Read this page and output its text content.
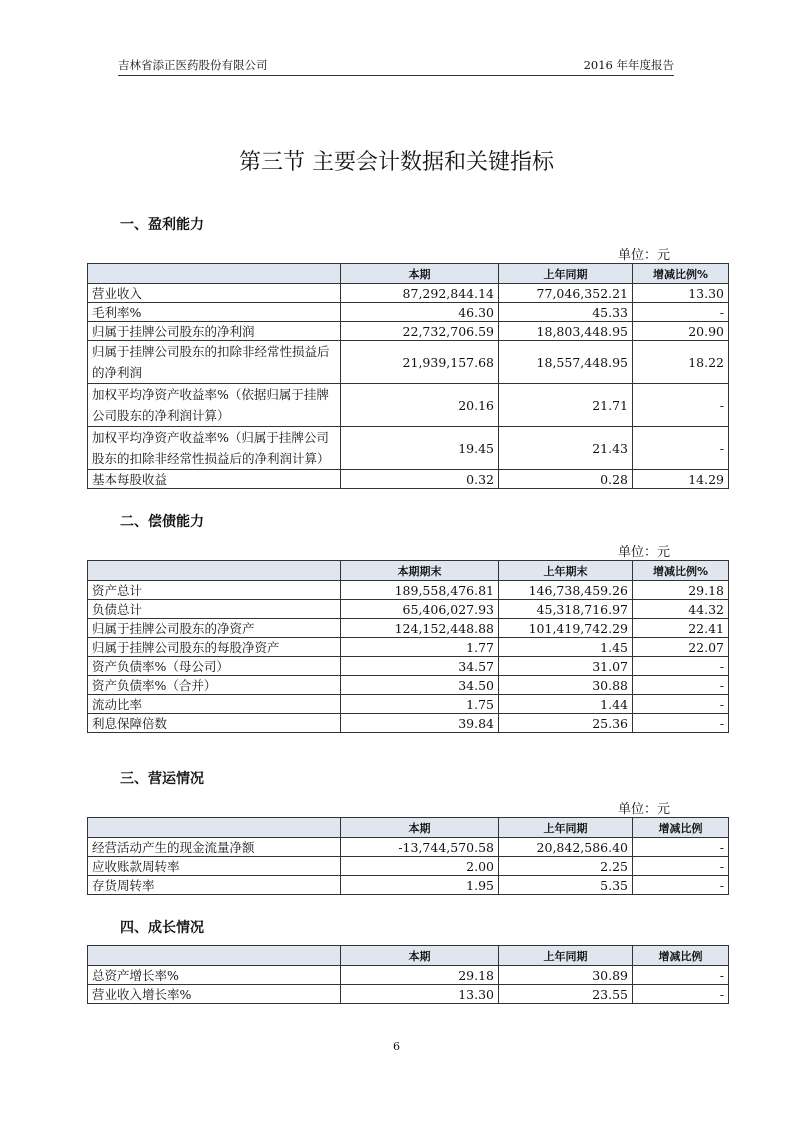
吉林省添正医药股份有限公司	2016 年年度报告
第三节 主要会计数据和关键指标
一、盈利能力
单位：元
	本期	上年同期	增减比例%
营业收入	87,292,844.14	77,046,352.21	13.30
毛利率%	46.30	45.33	-
归属于挂牌公司股东的净利润	22,732,706.59	18,803,448.95	20.90
归属于挂牌公司股东的扣除非经常性损益后的净利润	21,939,157.68	18,557,448.95	18.22
加权平均净资产收益率%（依据归属于挂牌公司股东的净利润计算）	20.16	21.71	-
加权平均净资产收益率%（归属于挂牌公司股东的扣除非经常性损益后的净利润计算）	19.45	21.43	-
基本每股收益	0.32	0.28	14.29
二、偿债能力
单位：元
	本期期末	上年期末	增减比例%
资产总计	189,558,476.81	146,738,459.26	29.18
负债总计	65,406,027.93	45,318,716.97	44.32
归属于挂牌公司股东的净资产	124,152,448.88	101,419,742.29	22.41
归属于挂牌公司股东的每股净资产	1.77	1.45	22.07
资产负债率%（母公司）	34.57	31.07	-
资产负债率%（合并）	34.50	30.88	-
流动比率	1.75	1.44	-
利息保障倍数	39.84	25.36	-
三、营运情况
单位：元
	本期	上年同期	增减比例
经营活动产生的现金流量净额	-13,744,570.58	20,842,586.40	-
应收账款周转率	2.00	2.25	-
存货周转率	1.95	5.35	-
四、成长情况
	本期	上年同期	增减比例
总资产增长率%	29.18	30.89	-
营业收入增长率%	13.30	23.55	-
6
